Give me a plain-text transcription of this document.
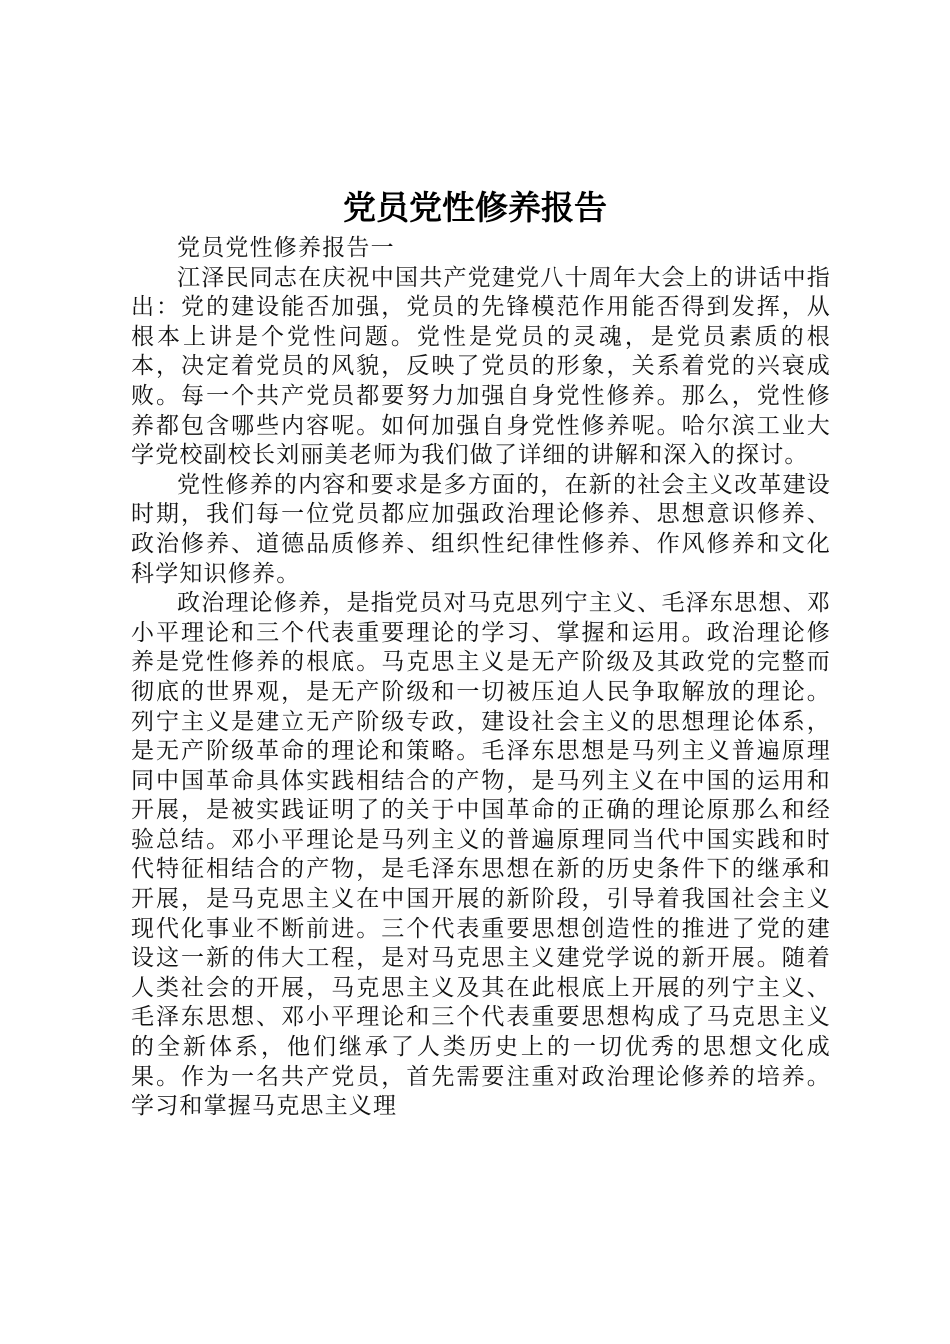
党员党性修养报告

党员党性修养报告一

江泽民同志在庆祝中国共产党建党八十周年大会上的讲话中指出：党的建设能否加强，党员的先锋模范作用能否得到发挥，从根本上讲是个党性问题。党性是党员的灵魂，是党员素质的根本，决定着党员的风貌，反映了党员的形象，关系着党的兴衰成败。每一个共产党员都要努力加强自身党性修养。那么，党性修养都包含哪些内容呢。如何加强自身党性修养呢。哈尔滨工业大学党校副校长刘丽美老师为我们做了详细的讲解和深入的探讨。

党性修养的内容和要求是多方面的，在新的社会主义改革建设时期，我们每一位党员都应加强政治理论修养、思想意识修养、政治修养、道德品质修养、组织性纪律性修养、作风修养和文化科学知识修养。

政治理论修养，是指党员对马克思列宁主义、毛泽东思想、邓小平理论和三个代表重要理论的学习、掌握和运用。政治理论修养是党性修养的根底。马克思主义是无产阶级及其政党的完整而彻底的世界观，是无产阶级和一切被压迫人民争取解放的理论。列宁主义是建立无产阶级专政，建设社会主义的思想理论体系，是无产阶级革命的理论和策略。毛泽东思想是马列主义普遍原理同中国革命具体实践相结合的产物，是马列主义在中国的运用和开展，是被实践证明了的关于中国革命的正确的理论原那么和经验总结。邓小平理论是马列主义的普遍原理同当代中国实践和时代特征相结合的产物，是毛泽东思想在新的历史条件下的继承和开展，是马克思主义在中国开展的新阶段，引导着我国社会主义现代化事业不断前进。三个代表重要思想创造性的推进了党的建设这一新的伟大工程，是对马克思主义建党学说的新开展。随着人类社会的开展，马克思主义及其在此根底上开展的列宁主义、毛泽东思想、邓小平理论和三个代表重要思想构成了马克思主义的全新体系，他们继承了人类历史上的一切优秀的思想文化成果。作为一名共产党员，首先需要注重对政治理论修养的培养。学习和掌握马克思主义理
